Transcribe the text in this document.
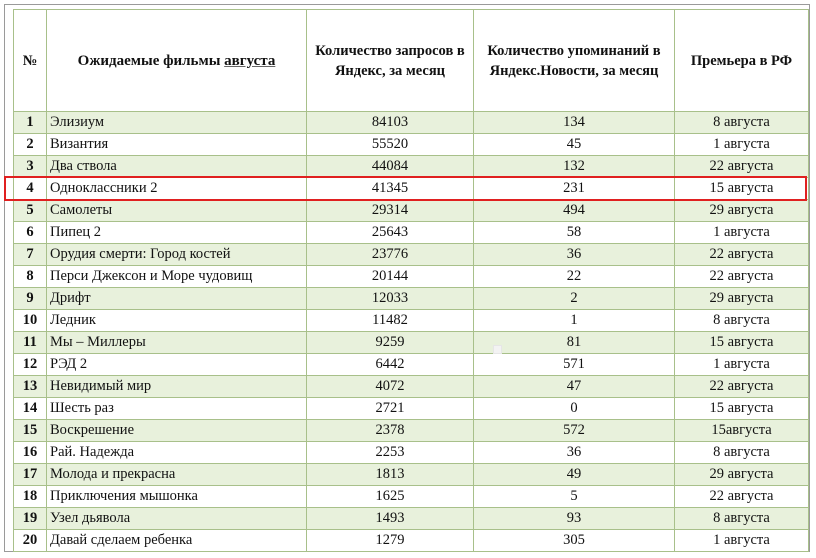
№	Ожидаемые фильмы августа	Количество запросов в Яндекс, за месяц	Количество упоминаний в Яндекс.Новости, за месяц	Премьера в РФ
1	Элизиум	84103	134	8 августа
2	Византия	55520	45	1 августа
3	Два ствола	44084	132	22 августа
4	Одноклассники 2	41345	231	15 августа
5	Самолеты	29314	494	29 августа
6	Пипец 2	25643	58	1 августа
7	Орудия смерти: Город костей	23776	36	22 августа
8	Перси Джексон и Море чудовищ	20144	22	22 августа
9	Дрифт	12033	2	29 августа
10	Ледник	11482	1	8 августа
11	Мы – Миллеры	9259	81	15 августа
12	РЭД 2	6442	571	1 августа
13	Невидимый мир	4072	47	22 августа
14	Шесть раз	2721	0	15 августа
15	Воскрешение	2378	572	15августа
16	Рай. Надежда	2253	36	8 августа
17	Молода и прекрасна	1813	49	29 августа
18	Приключения мышонка	1625	5	22 августа
19	Узел дьявола	1493	93	8 августа
20	Давай сделаем ребенка	1279	305	1 августа
